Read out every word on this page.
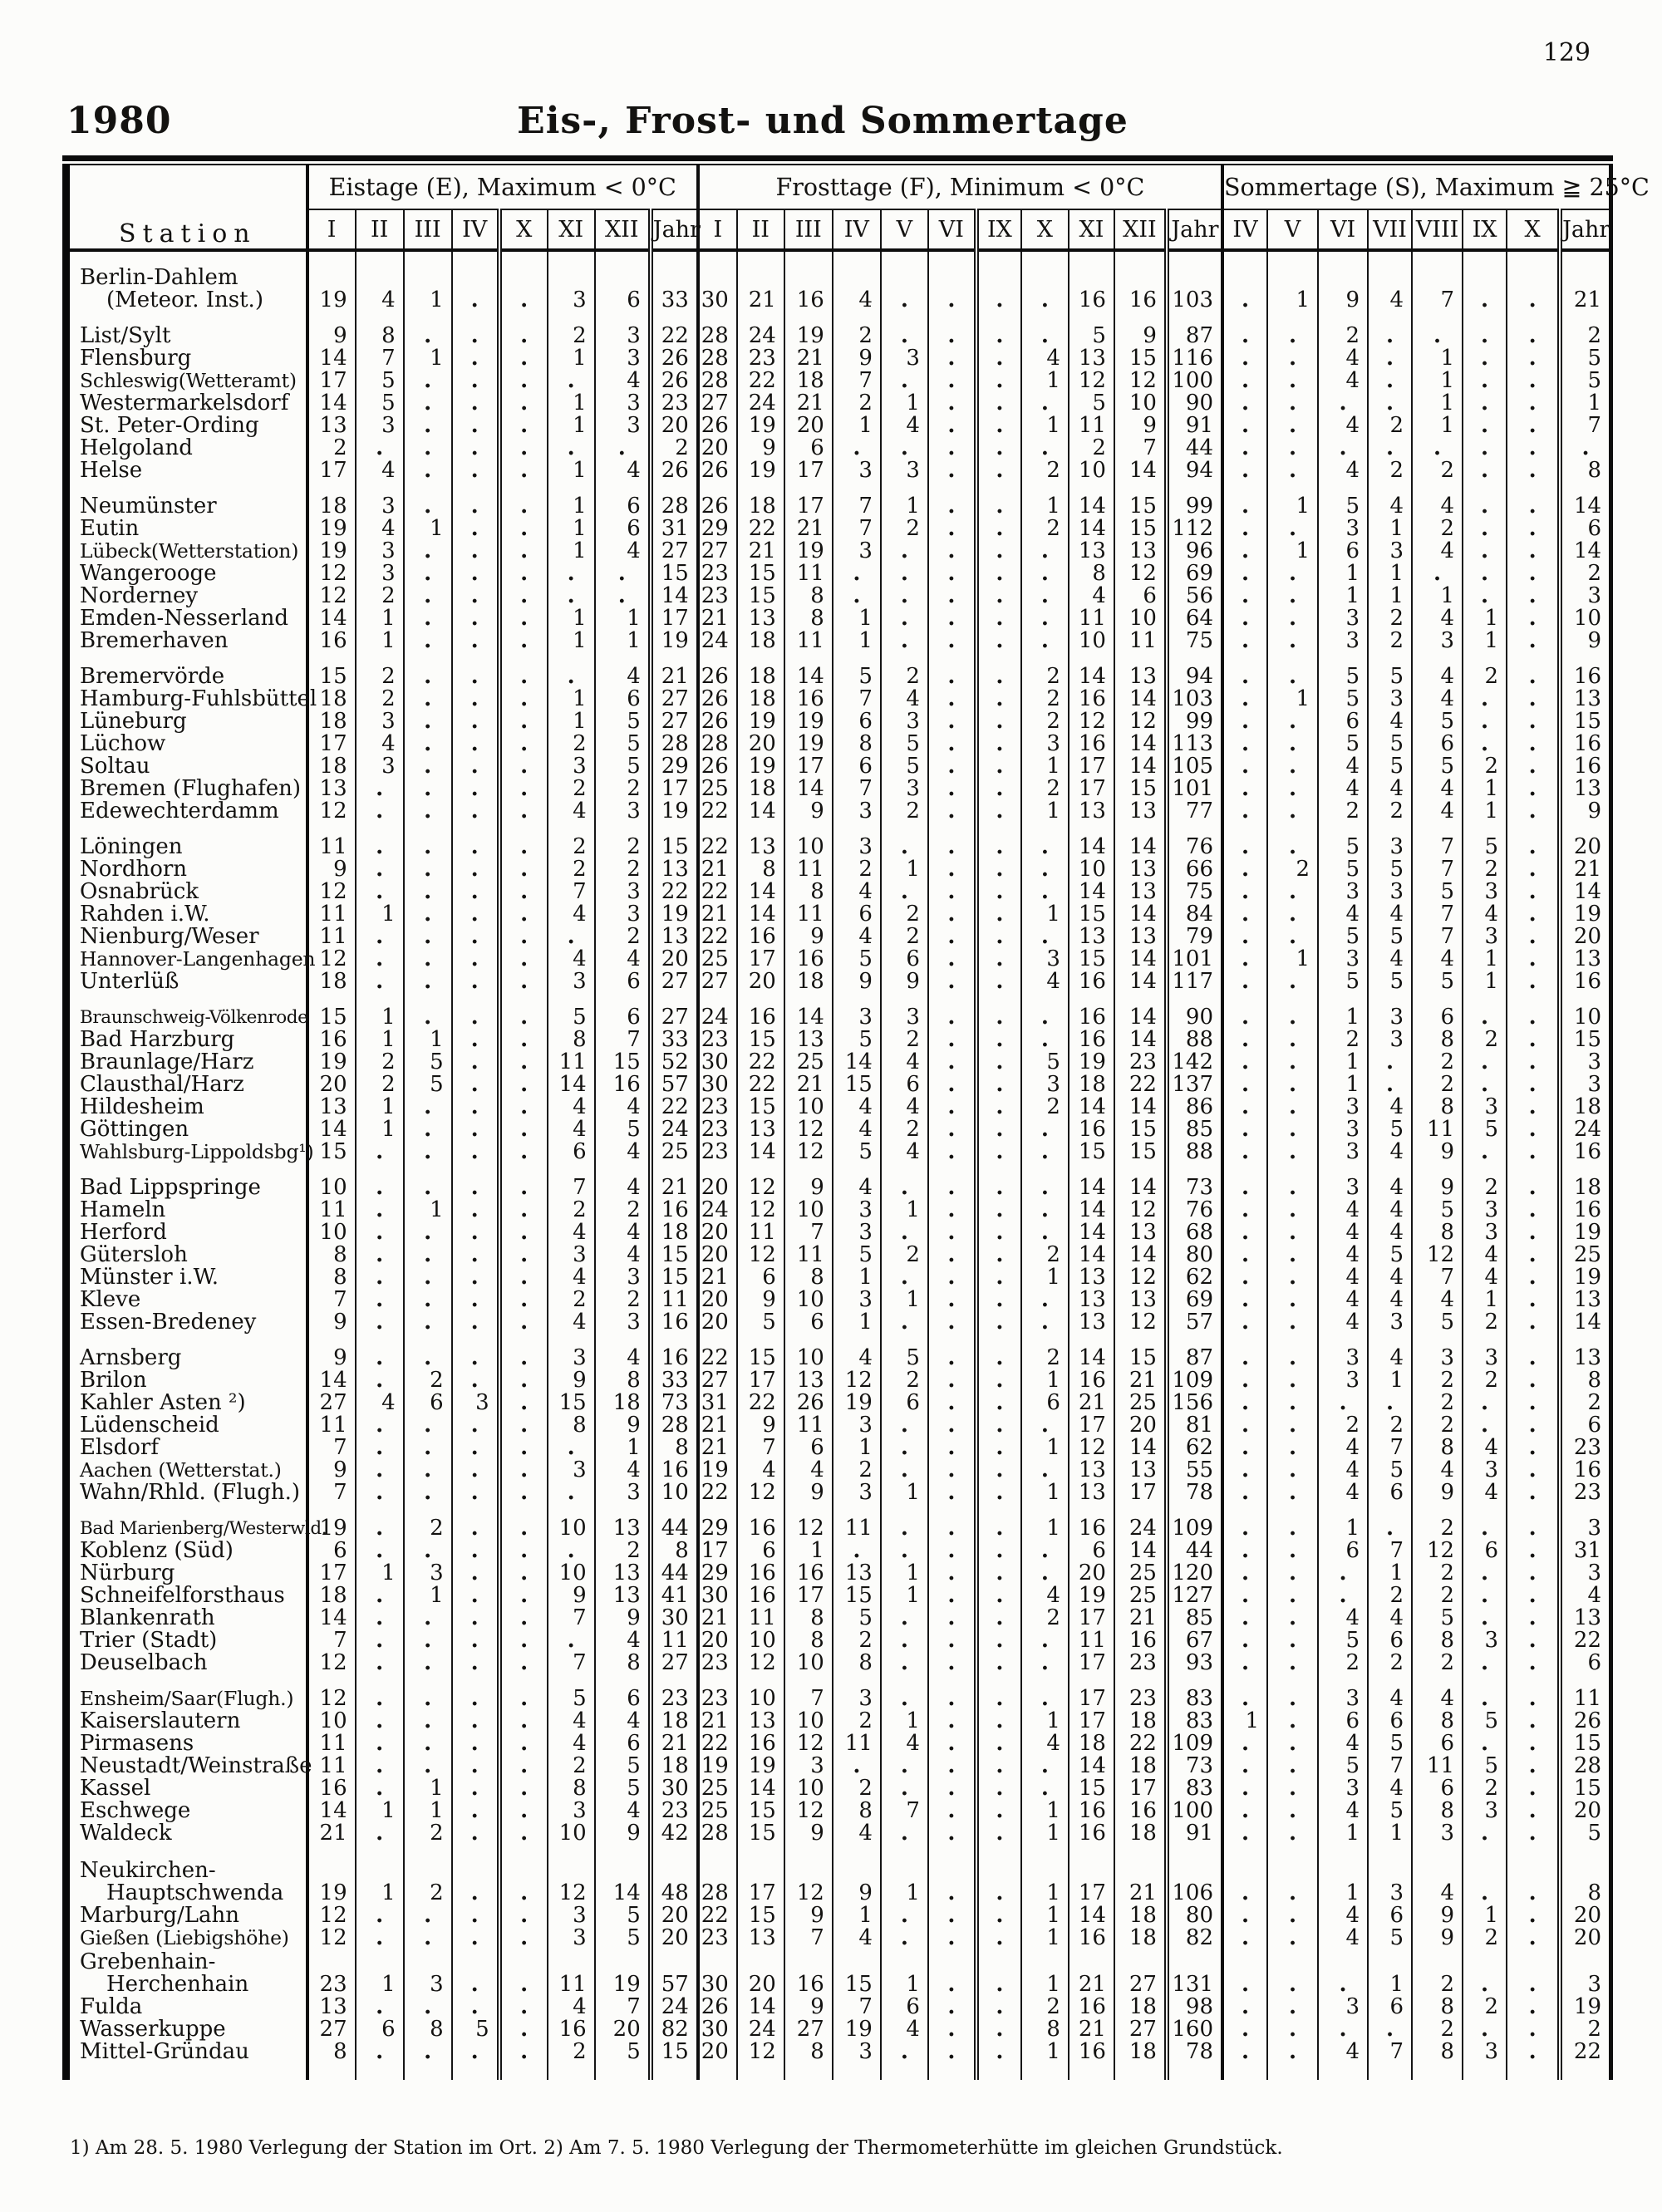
129
1980	Eis-, Frost- und Sommertage
Station	Eistage (E), Maximum < 0°C								Frosttage (F), Minimum < 0°C											Sommertage (S), Maximum ≧ 25°C							
	I	II	III	IV	X	XI	XII	Jahr	I	II	III	IV	V	VI	IX	X	XI	XII	Jahr	IV	V	VI	VII	VIII	IX	X	Jahr

Berlin-Dahlem
(Meteor. Inst.)	19	4	1	.	.	3	6	33	30	21	16	4	.	.	.	.	16	16	103	.	1	9	4	7	.	.	21

List/Sylt	9	8	.	.	.	2	3	22	28	24	19	2	.	.	.	.	5	9	87	.	.	2	.	.	.	.	2

Flensburg	14	7	1	.	.	1	3	26	28	23	21	9	3	.	.	4	13	15	116	.	.	4	.	1	.	.	5

Schleswig(Wetteramt)	17	5	.	.	.	.	4	26	28	22	18	7	.	.	.	1	12	12	100	.	.	4	.	1	.	.	5

Westermarkelsdorf	14	5	.	.	.	1	3	23	27	24	21	2	1	.	.	.	5	10	90	.	.	.	.	1	.	.	1

St. Peter-Ording	13	3	.	.	.	1	3	20	26	19	20	1	4	.	.	1	11	9	91	.	.	4	2	1	.	.	7

Helgoland	2	.	.	.	.	.	.	2	20	9	6	.	.	.	.	.	2	7	44	.	.	.	.	.	.	.	.

Helse	17	4	.	.	.	1	4	26	26	19	17	3	3	.	.	2	10	14	94	.	.	4	2	2	.	.	8

Neumünster	18	3	.	.	.	1	6	28	26	18	17	7	1	.	.	1	14	15	99	.	1	5	4	4	.	.	14

Eutin	19	4	1	.	.	1	6	31	29	22	21	7	2	.	.	2	14	15	112	.	.	3	1	2	.	.	6

Lübeck(Wetterstation)	19	3	.	.	.	1	4	27	27	21	19	3	.	.	.	.	13	13	96	.	1	6	3	4	.	.	14

Wangerooge	12	3	.	.	.	.	.	15	23	15	11	.	.	.	.	.	8	12	69	.	.	1	1	.	.	.	2

Norderney	12	2	.	.	.	.	.	14	23	15	8	.	.	.	.	.	4	6	56	.	.	1	1	1	.	.	3

Emden-Nesserland	14	1	.	.	.	1	1	17	21	13	8	1	.	.	.	.	11	10	64	.	.	3	2	4	1	.	10

Bremerhaven	16	1	.	.	.	1	1	19	24	18	11	1	.	.	.	.	10	11	75	.	.	3	2	3	1	.	9

Bremervörde	15	2	.	.	.	.	4	21	26	18	14	5	2	.	.	2	14	13	94	.	.	5	5	4	2	.	16

Hamburg-Fuhlsbüttel	18	2	.	.	.	1	6	27	26	18	16	7	4	.	.	2	16	14	103	.	1	5	3	4	.	.	13

Lüneburg	18	3	.	.	.	1	5	27	26	19	19	6	3	.	.	2	12	12	99	.	.	6	4	5	.	.	15

Lüchow	17	4	.	.	.	2	5	28	28	20	19	8	5	.	.	3	16	14	113	.	.	5	5	6	.	.	16

Soltau	18	3	.	.	.	3	5	29	26	19	17	6	5	.	.	1	17	14	105	.	.	4	5	5	2	.	16

Bremen (Flughafen)	13	.	.	.	.	2	2	17	25	18	14	7	3	.	.	2	17	15	101	.	.	4	4	4	1	.	13

Edewechterdamm	12	.	.	.	.	4	3	19	22	14	9	3	2	.	.	1	13	13	77	.	.	2	2	4	1	.	9

Löningen	11	.	.	.	.	2	2	15	22	13	10	3	.	.	.	.	14	14	76	.	.	5	3	7	5	.	20

Nordhorn	9	.	.	.	.	2	2	13	21	8	11	2	1	.	.	.	10	13	66	.	2	5	5	7	2	.	21

Osnabrück	12	.	.	.	.	7	3	22	22	14	8	4	.	.	.	.	14	13	75	.	.	3	3	5	3	.	14

Rahden i.W.	11	1	.	.	.	4	3	19	21	14	11	6	2	.	.	1	15	14	84	.	.	4	4	7	4	.	19

Nienburg/Weser	11	.	.	.	.	.	2	13	22	16	9	4	2	.	.	.	13	13	79	.	.	5	5	7	3	.	20

Hannover-Langenhagen	12	.	.	.	.	4	4	20	25	17	16	5	6	.	.	3	15	14	101	.	1	3	4	4	1	.	13

Unterlüß	18	.	.	.	.	3	6	27	27	20	18	9	9	.	.	4	16	14	117	.	.	5	5	5	1	.	16

Braunschweig-Völkenrode	15	1	.	.	.	5	6	27	24	16	14	3	3	.	.	.	16	14	90	.	.	1	3	6	.	.	10

Bad Harzburg	16	1	1	.	.	8	7	33	23	15	13	5	2	.	.	.	16	14	88	.	.	2	3	8	2	.	15

Braunlage/Harz	19	2	5	.	.	11	15	52	30	22	25	14	4	.	.	5	19	23	142	.	.	1	.	2	.	.	3

Clausthal/Harz	20	2	5	.	.	14	16	57	30	22	21	15	6	.	.	3	18	22	137	.	.	1	.	2	.	.	3

Hildesheim	13	1	.	.	.	4	4	22	23	15	10	4	4	.	.	2	14	14	86	.	.	3	4	8	3	.	18

Göttingen	14	1	.	.	.	4	5	24	23	13	12	4	2	.	.	.	16	15	85	.	.	3	5	11	5	.	24

Wahlsburg-Lippoldsbg¹)	15	.	.	.	.	6	4	25	23	14	12	5	4	.	.	.	15	15	88	.	.	3	4	9	.	.	16

Bad Lippspringe	10	.	.	.	.	7	4	21	20	12	9	4	.	.	.	.	14	14	73	.	.	3	4	9	2	.	18

Hameln	11	.	1	.	.	2	2	16	24	12	10	3	1	.	.	.	14	12	76	.	.	4	4	5	3	.	16

Herford	10	.	.	.	.	4	4	18	20	11	7	3	.	.	.	.	14	13	68	.	.	4	4	8	3	.	19

Gütersloh	8	.	.	.	.	3	4	15	20	12	11	5	2	.	.	2	14	14	80	.	.	4	5	12	4	.	25

Münster i.W.	8	.	.	.	.	4	3	15	21	6	8	1	.	.	.	1	13	12	62	.	.	4	4	7	4	.	19

Kleve	7	.	.	.	.	2	2	11	20	9	10	3	1	.	.	.	13	13	69	.	.	4	4	4	1	.	13

Essen-Bredeney	9	.	.	.	.	4	3	16	20	5	6	1	.	.	.	.	13	12	57	.	.	4	3	5	2	.	14

Arnsberg	9	.	.	.	.	3	4	16	22	15	10	4	5	.	.	2	14	15	87	.	.	3	4	3	3	.	13

Brilon	14	.	2	.	.	9	8	33	27	17	13	12	2	.	.	1	16	21	109	.	.	3	1	2	2	.	8

Kahler Asten ²)	27	4	6	3	.	15	18	73	31	22	26	19	6	.	.	6	21	25	156	.	.	.	.	2	.	.	2

Lüdenscheid	11	.	.	.	.	8	9	28	21	9	11	3	.	.	.	.	17	20	81	.	.	2	2	2	.	.	6

Elsdorf	7	.	.	.	.	.	1	8	21	7	6	1	.	.	.	1	12	14	62	.	.	4	7	8	4	.	23

Aachen (Wetterstat.)	9	.	.	.	.	3	4	16	19	4	4	2	.	.	.	.	13	13	55	.	.	4	5	4	3	.	16

Wahn/Rhld. (Flugh.)	7	.	.	.	.	.	3	10	22	12	9	3	1	.	.	1	13	17	78	.	.	4	6	9	4	.	23

Bad Marienberg/Westerwld.	19	.	2	.	.	10	13	44	29	16	12	11	.	.	.	1	16	24	109	.	.	1	.	2	.	.	3

Koblenz (Süd)	6	.	.	.	.	.	2	8	17	6	1	.	.	.	.	.	6	14	44	.	.	6	7	12	6	.	31

Nürburg	17	1	3	.	.	10	13	44	29	16	16	13	1	.	.	.	20	25	120	.	.	.	1	2	.	.	3

Schneifelforsthaus	18	.	1	.	.	9	13	41	30	16	17	15	1	.	.	4	19	25	127	.	.	.	2	2	.	.	4

Blankenrath	14	.	.	.	.	7	9	30	21	11	8	5	.	.	.	2	17	21	85	.	.	4	4	5	.	.	13

Trier (Stadt)	7	.	.	.	.	.	4	11	20	10	8	2	.	.	.	.	11	16	67	.	.	5	6	8	3	.	22

Deuselbach	12	.	.	.	.	7	8	27	23	12	10	8	.	.	.	.	17	23	93	.	.	2	2	2	.	.	6

Ensheim/Saar(Flugh.)	12	.	.	.	.	5	6	23	23	10	7	3	.	.	.	.	17	23	83	.	.	3	4	4	.	.	11

Kaiserslautern	10	.	.	.	.	4	4	18	21	13	10	2	1	.	.	1	17	18	83	1	.	6	6	8	5	.	26

Pirmasens	11	.	.	.	.	4	6	21	22	16	12	11	4	.	.	4	18	22	109	.	.	4	5	6	.	.	15

Neustadt/Weinstraße	11	.	.	.	.	2	5	18	19	19	3	.	.	.	.	.	14	18	73	.	.	5	7	11	5	.	28

Kassel	16	.	1	.	.	8	5	30	25	14	10	2	.	.	.	.	15	17	83	.	.	3	4	6	2	.	15

Eschwege	14	1	1	.	.	3	4	23	25	15	12	8	7	.	.	1	16	16	100	.	.	4	5	8	3	.	20

Waldeck	21	.	2	.	.	10	9	42	28	15	9	4	.	.	.	1	16	18	91	.	.	1	1	3	.	.	5

Neukirchen-
Hauptschwenda	19	1	2	.	.	12	14	48	28	17	12	9	1	.	.	1	17	21	106	.	.	1	3	4	.	.	8

Marburg/Lahn	12	.	.	.	.	3	5	20	22	15	9	1	.	.	.	1	14	18	80	.	.	4	6	9	1	.	20

Gießen (Liebigshöhe)	12	.	.	.	.	3	5	20	23	13	7	4	.	.	.	1	16	18	82	.	.	4	5	9	2	.	20

Grebenhain-
Herchenhain	23	1	3	.	.	11	19	57	30	20	16	15	1	.	.	1	21	27	131	.	.	.	1	2	.	.	3

Fulda	13	.	.	.	.	4	7	24	26	14	9	7	6	.	.	2	16	18	98	.	.	3	6	8	2	.	19

Wasserkuppe	27	6	8	5	.	16	20	82	30	24	27	19	4	.	.	8	21	27	160	.	.	.	.	2	.	.	2

Mittel-Gründau	8	.	.	.	.	2	5	15	20	12	8	3	.	.	.	1	16	18	78	.	.	4	7	8	3	.	22

1) Am 28. 5. 1980 Verlegung der Station im Ort. 2) Am 7. 5. 1980 Verlegung der Thermometerhütte im gleichen Grundstück.
